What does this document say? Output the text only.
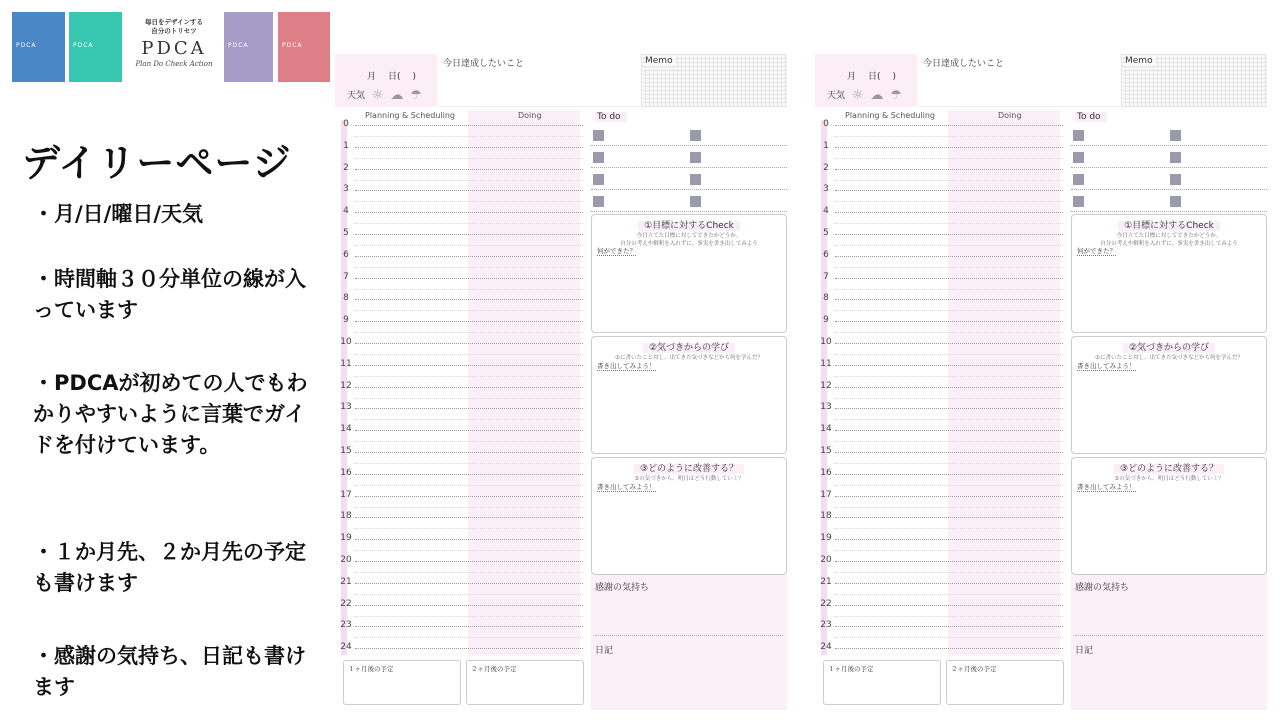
PDCA	PDCA
毎日をデザインする
自分のトリセツ
PDCA
Plan Do Check Action
PDCA	PDCA
デイリーページ
・月/日/曜日/天気
・時間軸３０分単位の線が入っています
・PDCAが初めての人でもわかりやすいように言葉でガイドを付けています。
・１か月先、２か月先の予定も書けます
・感謝の気持ち、日記も書けます
月 日( )
天気 ☼ ☁ ☂
今日達成したいこと	Memo
Planning & Scheduling	Doing
0
1
2
3
4
5
6
7
8
9
10
11
12
13
14
15
16
17
18
19
20
21
22
23
24
１ヶ月後の予定	２ヶ月後の予定
To do
①目標に対するCheck
今日立てた目標に対してできたかどうか。
自分の考えや解釈を入れずに、事実を書き出してみよう
何ができた？
②気づきからの学び
①に書いたこと対し、出てきた気づきなどから何を学んだ？
書き出してみよう！
③どのように改善する？
②の気づきから、明日はどう行動していく？
書き出してみよう！
感謝の気持ち
日記
月 日( )
天気 ☼ ☁ ☂
今日達成したいこと	Memo
Planning & Scheduling	Doing
0
1
2
3
4
5
6
7
8
9
10
11
12
13
14
15
16
17
18
19
20
21
22
23
24
１ヶ月後の予定	２ヶ月後の予定
To do
①目標に対するCheck
今日立てた目標に対してできたかどうか。
自分の考えや解釈を入れずに、事実を書き出してみよう
何ができた？
②気づきからの学び
①に書いたこと対し、出てきた気づきなどから何を学んだ？
書き出してみよう！
③どのように改善する？
②の気づきから、明日はどう行動していく？
書き出してみよう！
感謝の気持ち
日記
